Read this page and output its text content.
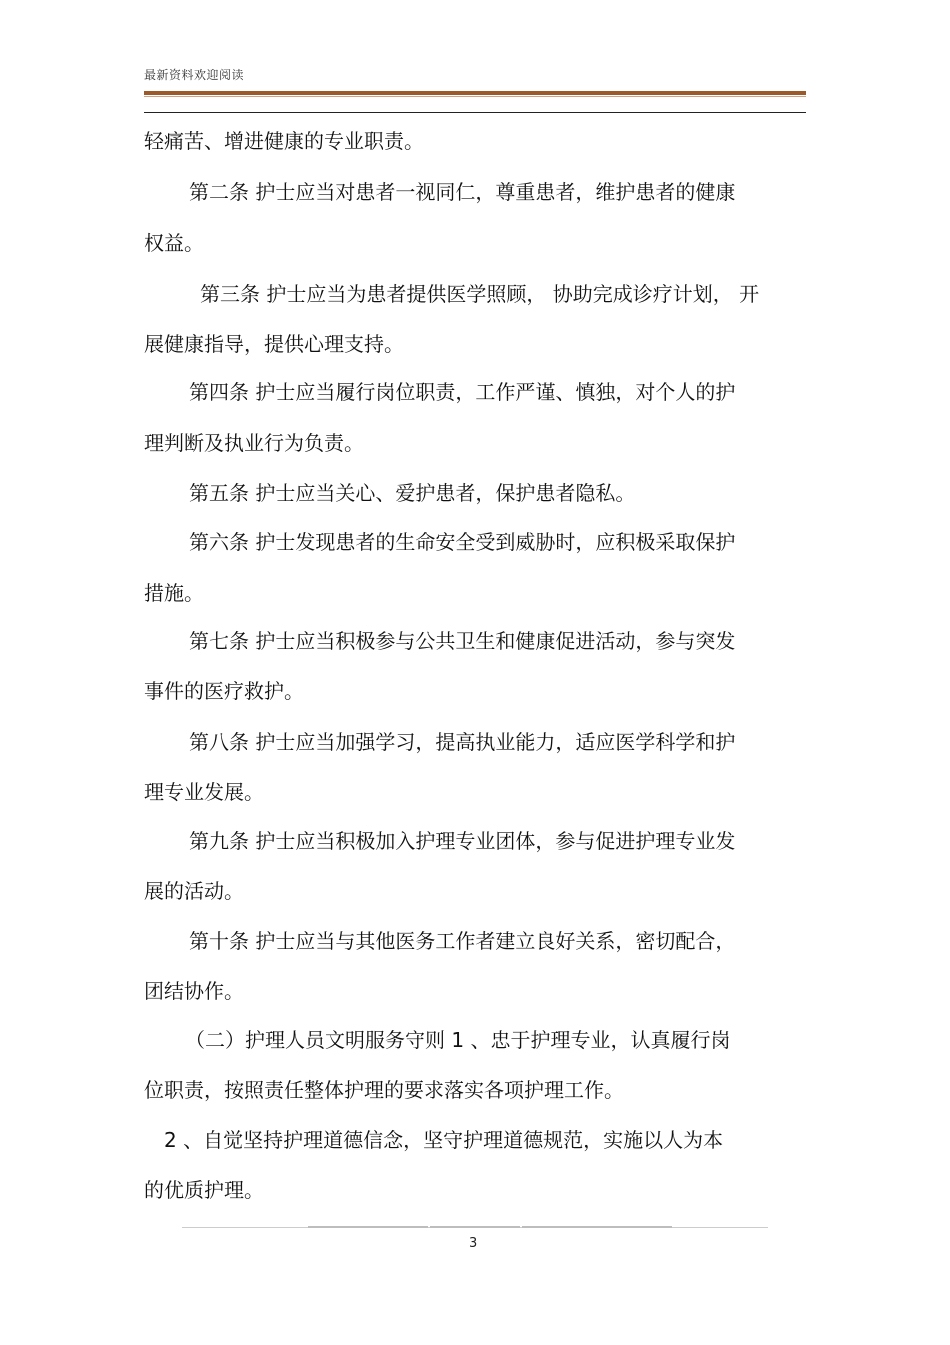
最新资料欢迎阅读
轻痛苦、增进健康的专业职责。
第二条 护士应当对患者一视同仁，尊重患者，维护患者的健康
权益。
第三条 护士应当为患者提供医学照顾， 协助完成诊疗计划， 开
展健康指导，提供心理支持。
第四条 护士应当履行岗位职责，工作严谨、慎独，对个人的护
理判断及执业行为负责。
第五条 护士应当关心、爱护患者，保护患者隐私。
第六条 护士发现患者的生命安全受到威胁时，应积极采取保护
措施。
第七条 护士应当积极参与公共卫生和健康促进活动，参与突发
事件的医疗救护。
第八条 护士应当加强学习，提高执业能力，适应医学科学和护
理专业发展。
第九条 护士应当积极加入护理专业团体，参与促进护理专业发
展的活动。
第十条 护士应当与其他医务工作者建立良好关系，密切配合，
团结协作。
（二）护理人员文明服务守则 1 、忠于护理专业，认真履行岗
位职责，按照责任整体护理的要求落实各项护理工作。
2 、自觉坚持护理道德信念，坚守护理道德规范，实施以人为本
的优质护理。
3
